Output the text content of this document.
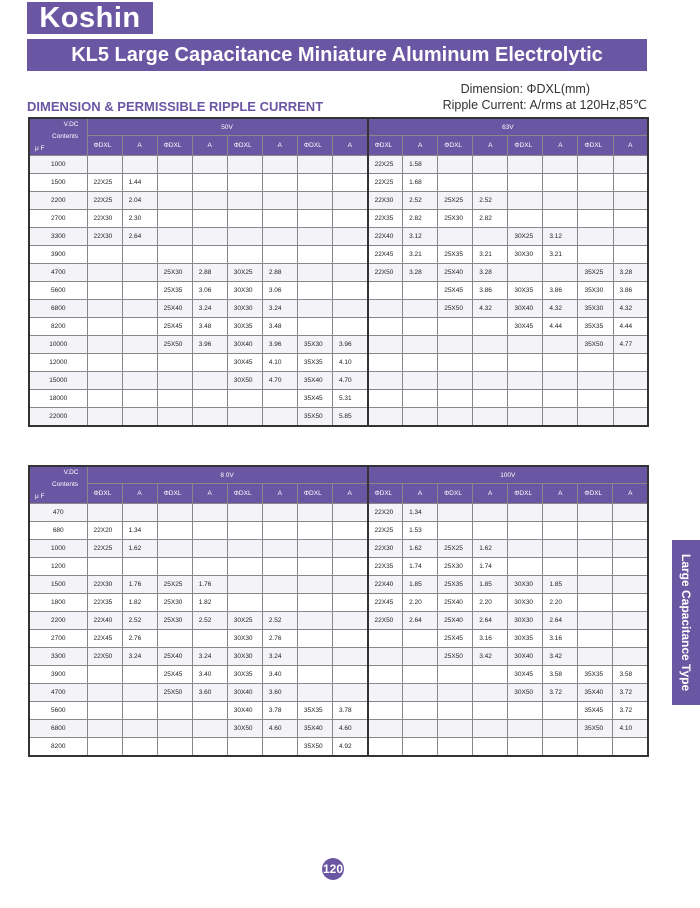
Koshin
KL5 Large Capacitance Miniature Aluminum Electrolytic Capacitors	Dimension: ΦDXL(mm)
DIMENSION & PERMISSIBLE RIPPLE CURRENT	Ripple Current: A/rms at 120Hz,85℃
V.DC
Contents
μ F	50V								63V							
	ΦDXL	A	ΦDXL	A	ΦDXL	A	ΦDXL	A	ΦDXL	A	ΦDXL	A	ΦDXL	A	ΦDXL	A
1000									22X25	1.58						
1500	22X25	1.44							22X25	1.68						
2200	22X25	2.04							22X30	2.52	25X25	2.52				
2700	22X30	2.30							22X35	2.82	25X30	2.82				
3300	22X30	2.64							22X40	3.12			30X25	3.12		
3900									22X45	3.21	25X35	3.21	30X30	3.21		
4700			25X30	2.88	30X25	2.88			22X50	3.28	25X40	3.28			35X25	3.28
5600			25X35	3.06	30X30	3.06					25X45	3.86	30X35	3.86	35X30	3.86
6800			25X40	3.24	30X30	3.24					25X50	4.32	30X40	4.32	35X30	4.32
8200			25X45	3.48	30X35	3.48							30X45	4.44	35X35	4.44
10000			25X50	3.96	30X40	3.96	35X30	3.96							35X50	4.77
12000					30X45	4.10	35X35	4.10								
15000					30X50	4.70	35X40	4.70								
18000							35X45	5.31								
22000							35X50	5.85								
V.DC
Contents
μ F	8 0V								100V							
	ΦDXL	A	ΦDXL	A	ΦDXL	A	ΦDXL	A	ΦDXL	A	ΦDXL	A	ΦDXL	A	ΦDXL	A
470									22X20	1.34						
680	22X20	1.34							22X25	1.53						
1000	22X25	1.62							22X30	1.62	25X25	1.62				
1200									22X35	1.74	25X30	1.74				
1500	22X30	1.76	25X25	1.76					22X40	1.85	25X35	1.85	30X30	1.85		
1800	22X35	1.82	25X30	1.82					22X45	2.20	25X40	2.20	30X30	2.20		
2200	22X40	2.52	25X30	2.52	30X25	2.52			22X50	2.64	25X40	2.64	30X30	2.64		
2700	22X45	2.76			30X30	2.76					25X45	3.16	30X35	3.16		
3300	22X50	3.24	25X40	3.24	30X30	3.24					25X50	3.42	30X40	3.42		
3900			25X45	3.40	30X35	3.40							30X45	3.58	35X35	3.58
4700			25X50	3.60	30X40	3.60							30X50	3.72	35X40	3.72
5600					30X40	3.78	35X35	3.78							35X45	3.72
6800					30X50	4.60	35X40	4.60							35X50	4.10
8200							35X50	4.92								
Large Capacitance Type
120
